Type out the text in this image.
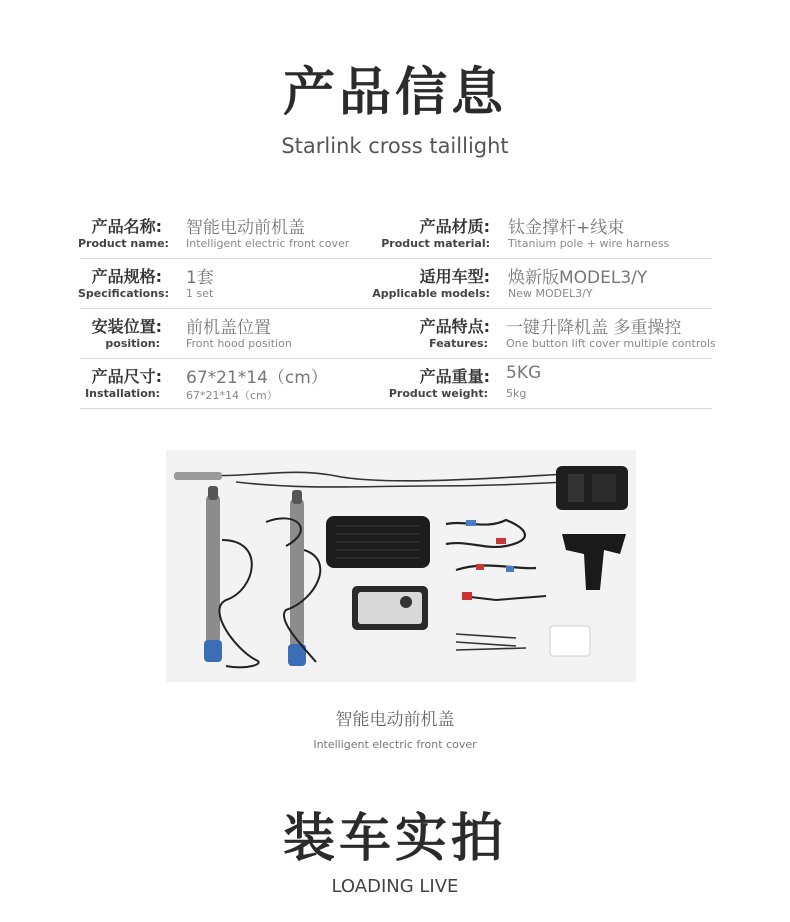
产品信息
Starlink cross taillight
产品名称:
Product name:
智能电动前机盖
Intelligent electric front cover
产品材质:
Product material:
钛金撑杆+线束
Titanium pole + wire harness
产品规格:
Specifications:
1套
1 set
适用车型:
Applicable models:
焕新版MODEL3/Y
New MODEL3/Y
安装位置:
position:
前机盖位置
Front hood position
产品特点:
Features:
一键升降机盖 多重操控
One button lift cover multiple controls
产品尺寸:
Installation:
67*21*14（cm）
67*21*14（cm）
产品重量:
Product weight:
5KG
5kg
智能电动前机盖
Intelligent electric front cover
装车实拍
LOADING LIVE
